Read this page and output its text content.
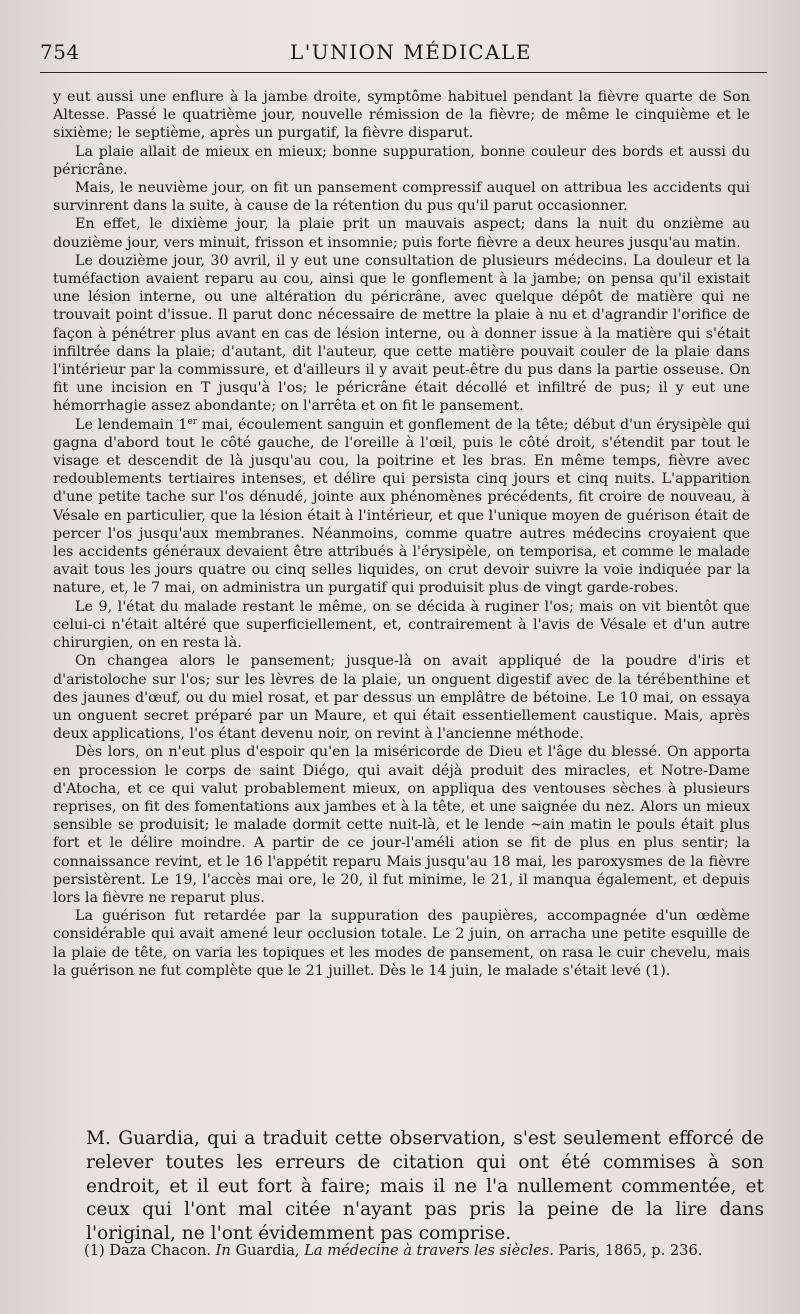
754	L'UNION MÉDICALE

y eut aussi une enflure à la jambe droite, symptôme habituel pendant la fièvre quarte de Son Altesse. Passé le quatrième jour, nouvelle rémission de la fièvre; de même le cinquième et le sixième; le septième, après un purgatif, la fièvre disparut.

La plaie allait de mieux en mieux; bonne suppuration, bonne couleur des bords et aussi du péricrâne.

Mais, le neuvième jour, on fit un pansement compressif auquel on attribua les accidents qui survinrent dans la suite, à cause de la rétention du pus qu'il parut occasionner.

En effet, le dixième jour, la plaie prit un mauvais aspect; dans la nuit du onzième au douzième jour, vers minuit, frisson et insomnie; puis forte fièvre a deux heures jusqu'au matin.

Le douzième jour, 30 avril, il y eut une consultation de plusieurs médecins. La douleur et la tuméfaction avaient reparu au cou, ainsi que le gonflement à la jambe; on pensa qu'il existait une lésion interne, ou une altération du péricrâne, avec quelque dépôt de matière qui ne trouvait point d'issue. Il parut donc nécessaire de mettre la plaie à nu et d'agrandir l'orifice de façon à pénétrer plus avant en cas de lésion interne, ou à donner issue à la matière qui s'était infiltrée dans la plaie; d'autant, dit l'auteur, que cette matière pouvait couler de la plaie dans l'intérieur par la commissure, et d'ailleurs il y avait peut-être du pus dans la partie osseuse. On fit une incision en T jusqu'à l'os; le péricrâne était décollé et infiltré de pus; il y eut une hémorrhagie assez abondante; on l'arrêta et on fit le pansement.

Le lendemain 1er mai, écoulement sanguin et gonflement de la tête; début d'un érysipèle qui gagna d'abord tout le côté gauche, de l'oreille à l'œil, puis le côté droit, s'étendit par tout le visage et descendit de là jusqu'au cou, la poitrine et les bras. En même temps, fièvre avec redoublements tertiaires intenses, et délire qui persista cinq jours et cinq nuits. L'apparition d'une petite tache sur l'os dénudé, jointe aux phénomènes précédents, fit croire de nouveau, à Vésale en particulier, que la lésion était à l'intérieur, et que l'unique moyen de guérison était de percer l'os jusqu'aux membranes. Néanmoins, comme quatre autres médecins croyaient que les accidents généraux devaient être attribués à l'érysipèle, on temporisa, et comme le malade avait tous les jours quatre ou cinq selles liquides, on crut devoir suivre la voie indiquée par la nature, et, le 7 mai, on administra un purgatif qui produisit plus de vingt garde-robes.

Le 9, l'état du malade restant le même, on se décida à ruginer l'os; mais on vit bientôt que celui-ci n'était altéré que superficiellement, et, contrairement à l'avis de Vésale et d'un autre chirurgien, on en resta là.

On changea alors le pansement; jusque-là on avait appliqué de la poudre d'iris et d'aristoloche sur l'os; sur les lèvres de la plaie, un onguent digestif avec de la térébenthine et des jaunes d'œuf, ou du miel rosat, et par dessus un emplâtre de bétoine. Le 10 mai, on essaya un onguent secret préparé par un Maure, et qui était essentiellement caustique. Mais, après deux applications, l'os étant devenu noir, on revint à l'ancienne méthode.

Dès lors, on n'eut plus d'espoir qu'en la miséricorde de Dieu et l'âge du blessé. On apporta en procession le corps de saint Diégo, qui avait déjà produit des miracles, et Notre-Dame d'Atocha, et ce qui valut probablement mieux, on appliqua des ventouses sèches à plusieurs reprises, on fit des fomentations aux jambes et à la tête, et une saignée du nez. Alors un mieux sensible se produisit; le malade dormit cette nuit-là, et le lende ~ain matin le pouls était plus fort et le délire moindre. A partir de ce jour-l'améli ation se fit de plus en plus sentir; la connaissance revint, et le 16 l'appétit reparu Mais jusqu'au 18 mai, les paroxysmes de la fièvre persistèrent. Le 19, l'accès mai ore, le 20, il fut minime, le 21, il manqua également, et depuis lors la fièvre ne reparut plus.

La guérison fut retardée par la suppuration des paupières, accompagnée d'un œdème considérable qui avait amené leur occlusion totale. Le 2 juin, on arracha une petite esquille de la plaie de tête, on varia les topiques et les modes de pansement, on rasa le cuir chevelu, mais la guérison ne fut complète que le 21 juillet. Dès le 14 juin, le malade s'était levé (1).

M. Guardia, qui a traduit cette observation, s'est seulement efforcé de relever toutes les erreurs de citation qui ont été commises à son endroit, et il eut fort à faire; mais il ne l'a nullement commentée, et ceux qui l'ont mal citée n'ayant pas pris la peine de la lire dans l'original, ne l'ont évidemment pas comprise.

(1) Daza Chacon. In Guardia, La médecine à travers les siècles. Paris, 1865, p. 236.
